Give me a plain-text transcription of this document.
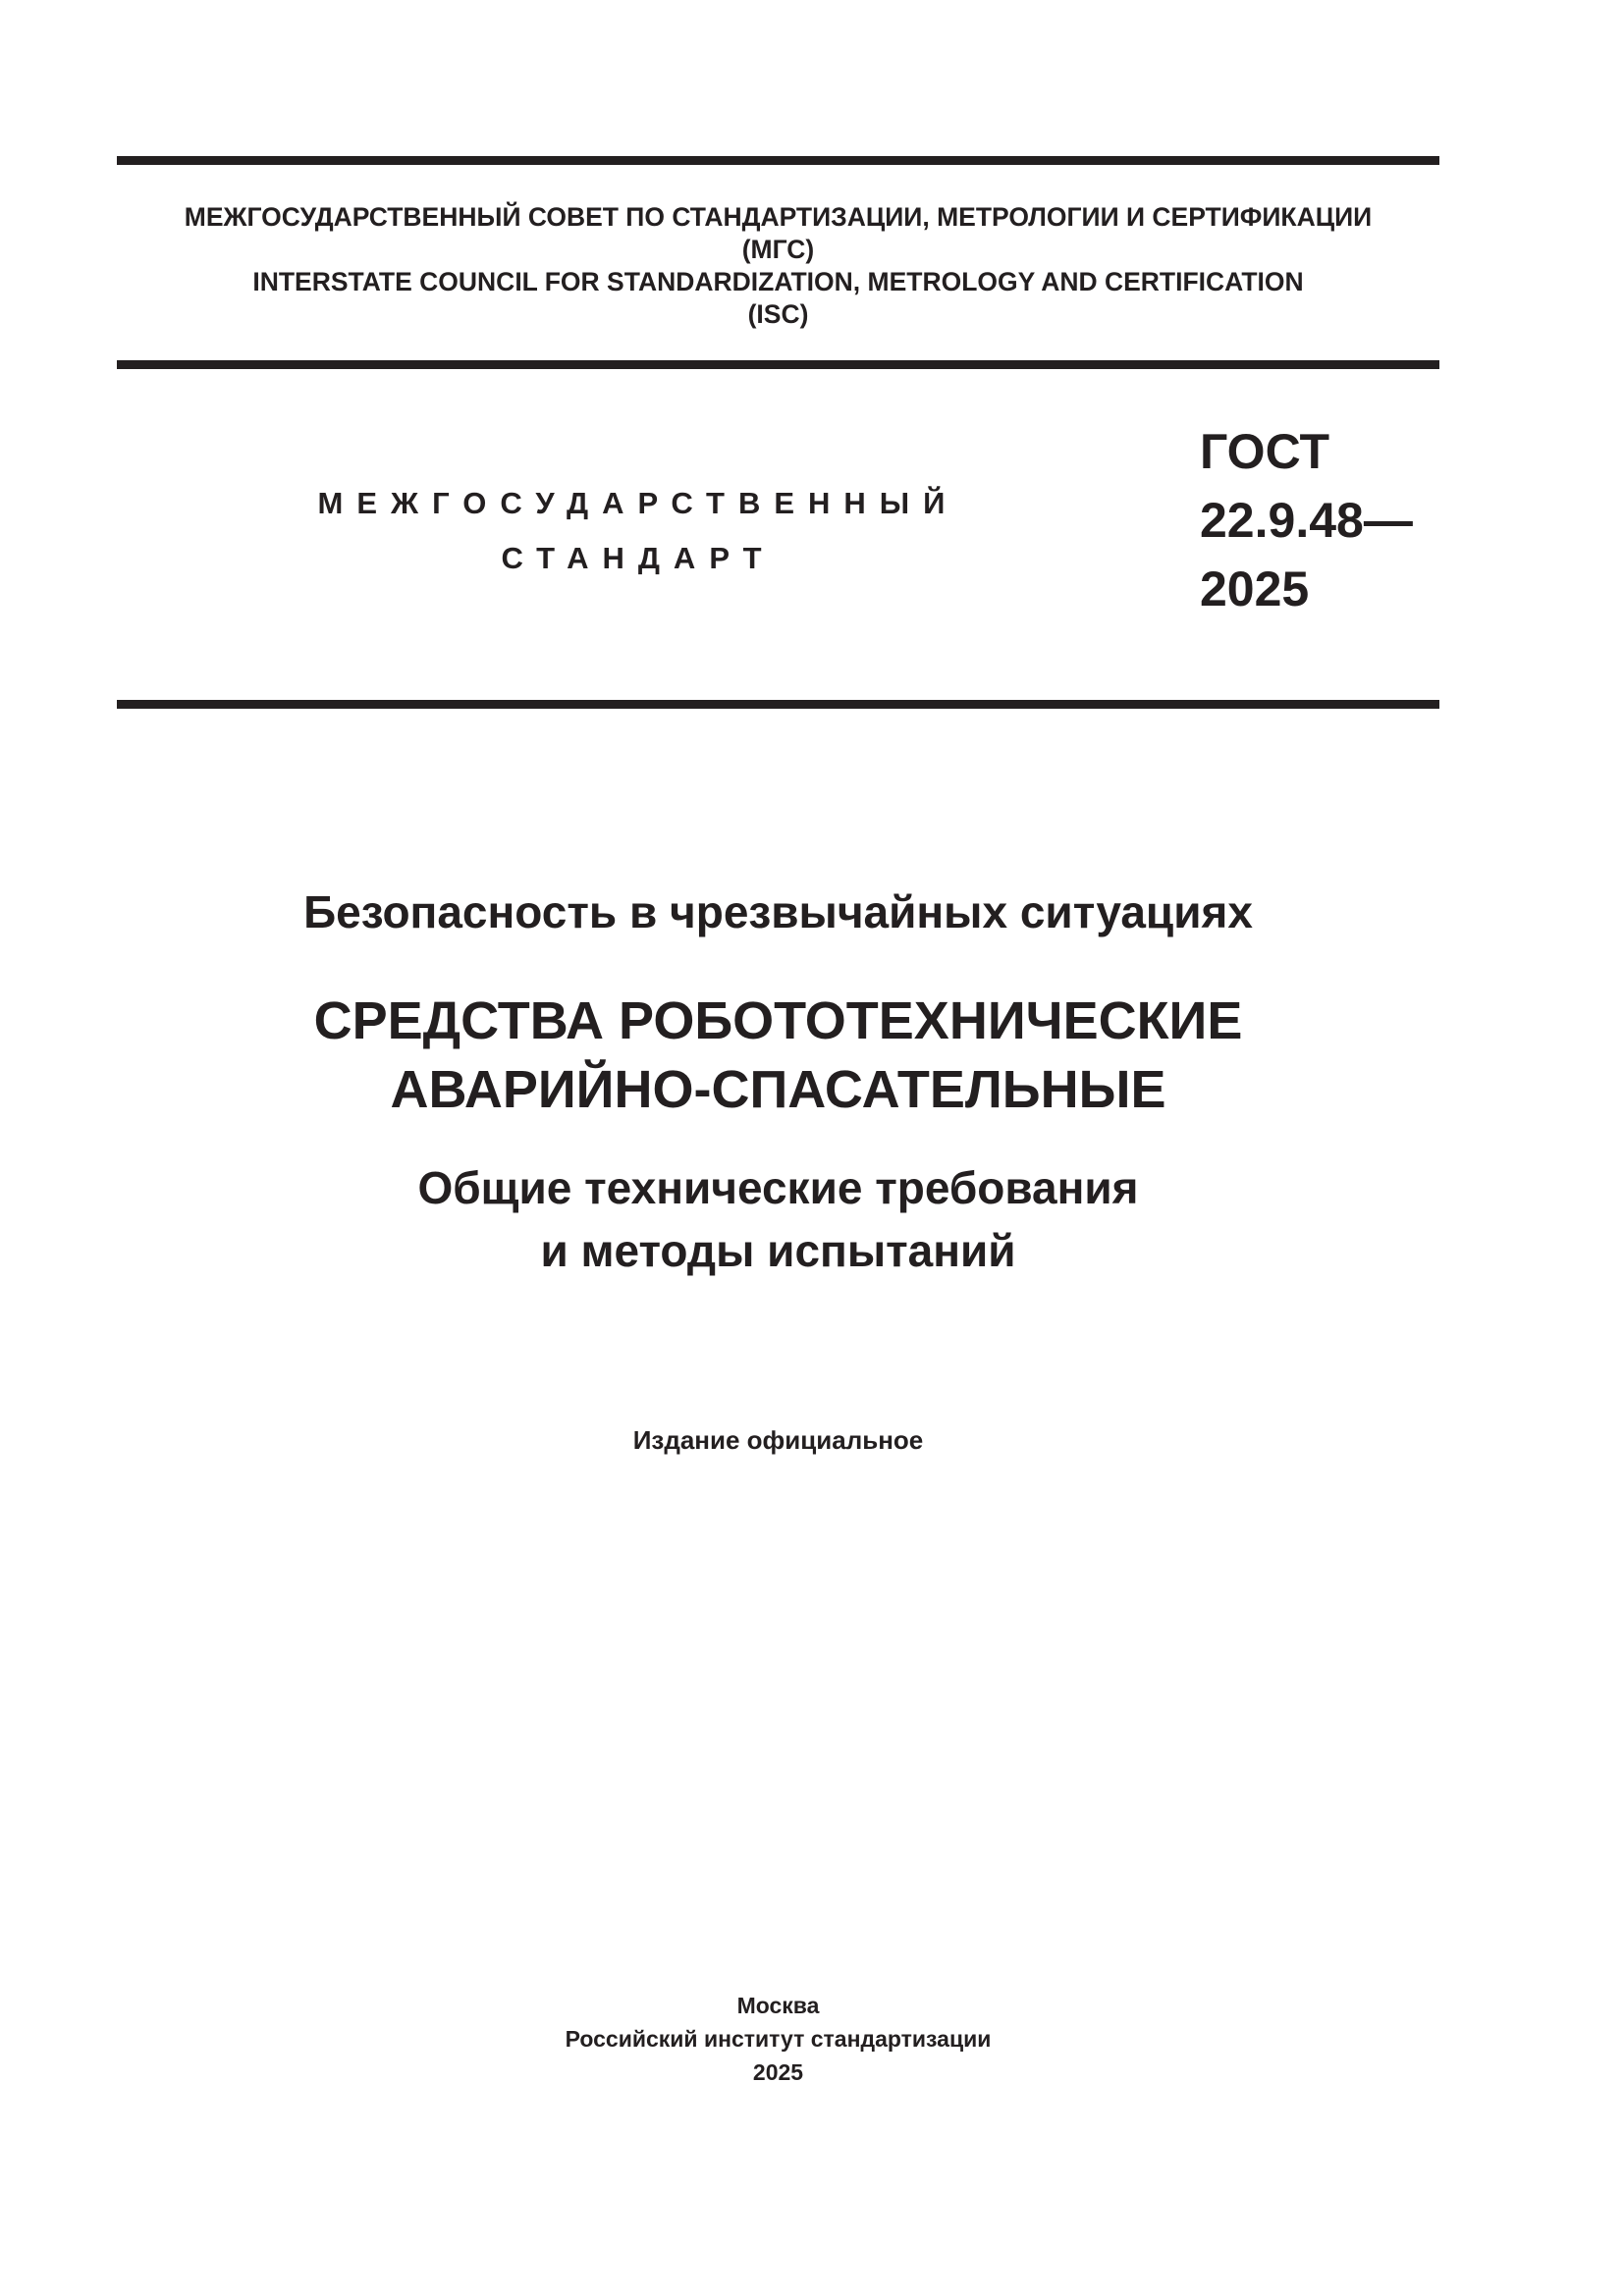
МЕЖГОСУДАРСТВЕННЫЙ СОВЕТ ПО СТАНДАРТИЗАЦИИ, МЕТРОЛОГИИ И СЕРТИФИКАЦИИ
(МГС)
INTERSTATE COUNCIL FOR STANDARDIZATION, METROLOGY AND CERTIFICATION
(ISC)
МЕЖГОСУДАРСТВЕННЫЙ
СТАНДАРТ
ГОСТ
22.9.48—
2025
Безопасность в чрезвычайных ситуациях
СРЕДСТВА РОБОТОТЕХНИЧЕСКИЕ
АВАРИЙНО-СПАСАТЕЛЬНЫЕ
Общие технические требования
и методы испытаний
Издание официальное
Москва
Российский институт стандартизации
2025
